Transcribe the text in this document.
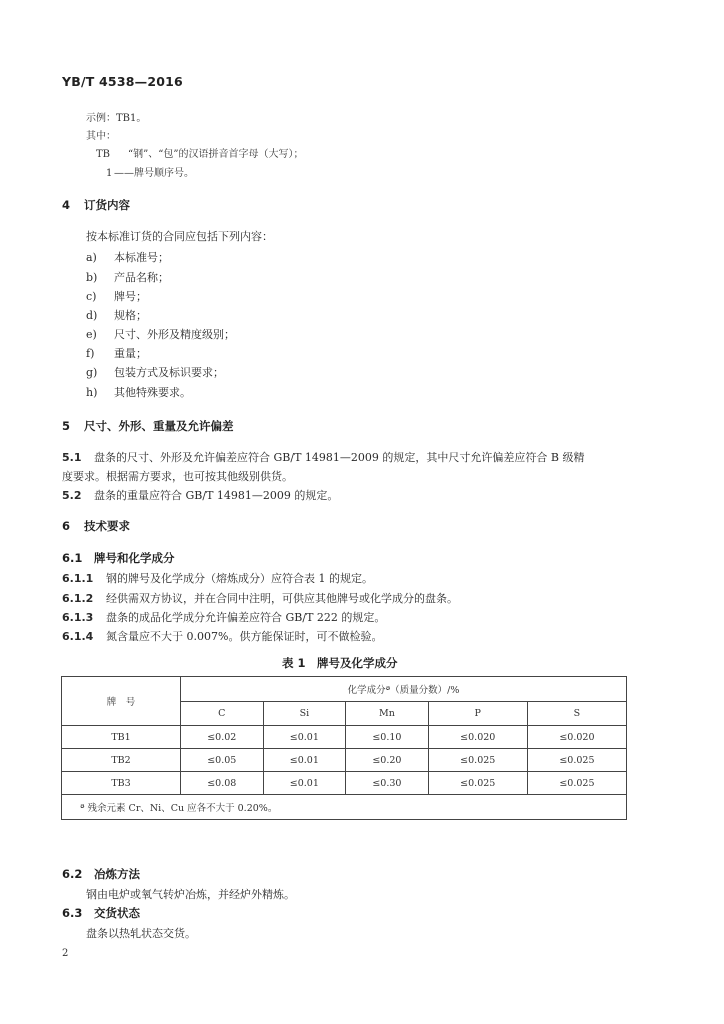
YB/T 4538—2016
示例：TB1。
其中：
TB “钢”、“包”的汉语拼音首字母（大写）；
1 ——牌号顺序号。
4 订货内容
按本标准订货的合同应包括下列内容：
a) 本标准号；
b) 产品名称；
c) 牌号；
d) 规格；
e) 尺寸、外形及精度级别；
f) 重量；
g) 包装方式及标识要求；
h) 其他特殊要求。
5 尺寸、外形、重量及允许偏差
5.1 盘条的尺寸、外形及允许偏差应符合 GB/T 14981—2009 的规定，其中尺寸允许偏差应符合 B 级精
度要求。根据需方要求，也可按其他级别供货。
5.2 盘条的重量应符合 GB/T 14981—2009 的规定。
6 技术要求
6.1 牌号和化学成分
6.1.1 钢的牌号及化学成分（熔炼成分）应符合表 1 的规定。
6.1.2 经供需双方协议，并在合同中注明，可供应其他牌号或化学成分的盘条。
6.1.3 盘条的成品化学成分允许偏差应符合 GB/T 222 的规定。
6.1.4 氮含量应不大于 0.007%。供方能保证时，可不做检验。
表 1　牌号及化学成分
牌　号	化学成分ª（质量分数）/%				
	C	Si	Mn	P	S
TB1	≤0.02	≤0.01	≤0.10	≤0.020	≤0.020
TB2	≤0.05	≤0.01	≤0.20	≤0.025	≤0.025
TB3	≤0.08	≤0.01	≤0.30	≤0.025	≤0.025
ª 残余元素 Cr、Ni、Cu 应各不大于 0.20%。					
6.2 冶炼方法
钢由电炉或氧气转炉冶炼，并经炉外精炼。
6.3 交货状态
盘条以热轧状态交货。
2
